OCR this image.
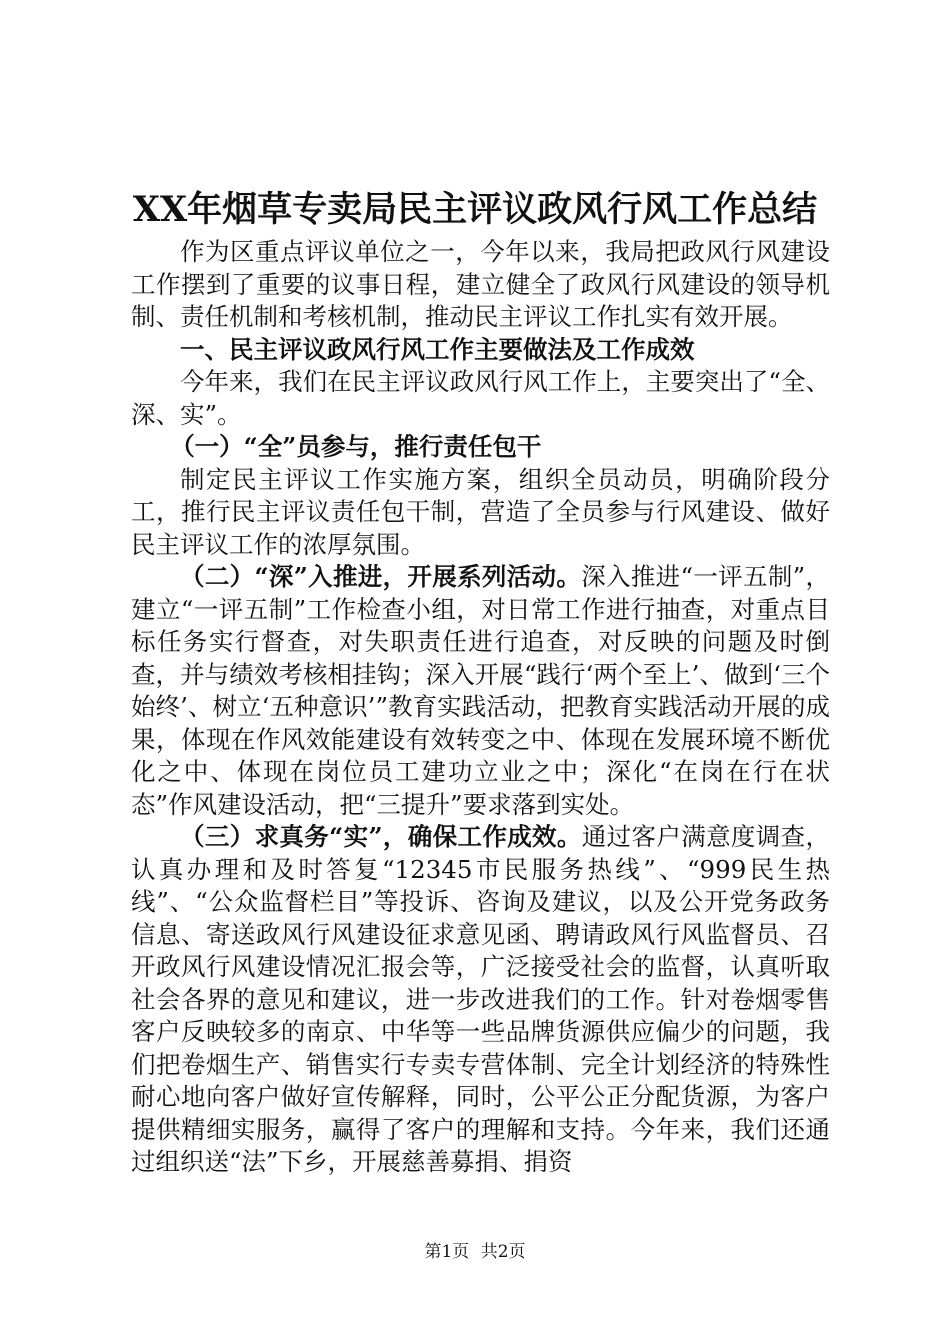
XX年烟草专卖局民主评议政风行风工作总结

作为区重点评议单位之一，今年以来，我局把政风行风建设工作摆到了重要的议事日程，建立健全了政风行风建设的领导机制、责任机制和考核机制，推动民主评议工作扎实有效开展。

一、民主评议政风行风工作主要做法及工作成效

今年来，我们在民主评议政风行风工作上，主要突出了“全、深、实”。

（一）“全”员参与，推行责任包干

制定民主评议工作实施方案，组织全员动员，明确阶段分工，推行民主评议责任包干制，营造了全员参与行风建设、做好民主评议工作的浓厚氛围。

（二）“深”入推进，开展系列活动。深入推进“一评五制”，建立“一评五制”工作检查小组，对日常工作进行抽查，对重点目标任务实行督查，对失职责任进行追查，对反映的问题及时倒查，并与绩效考核相挂钩；深入开展“践行‘两个至上’、做到‘三个始终’、树立‘五种意识’”教育实践活动，把教育实践活动开展的成果，体现在作风效能建设有效转变之中、体现在发展环境不断优化之中、体现在岗位员工建功立业之中；深化“在岗在行在状态”作风建设活动，把“三提升”要求落到实处。

（三）求真务“实”，确保工作成效。通过客户满意度调查，认真办理和及时答复“12345市民服务热线”、“999民生热线”、“公众监督栏目”等投诉、咨询及建议，以及公开党务政务信息、寄送政风行风建设征求意见函、聘请政风行风监督员、召开政风行风建设情况汇报会等，广泛接受社会的监督，认真听取社会各界的意见和建议，进一步改进我们的工作。针对卷烟零售客户反映较多的南京、中华等一些品牌货源供应偏少的问题，我们把卷烟生产、销售实行专卖专营体制、完全计划经济的特殊性耐心地向客户做好宣传解释，同时，公平公正分配货源，为客户提供精细实服务，赢得了客户的理解和支持。今年来，我们还通过组织送“法”下乡，开展慈善募捐、捐资

第1页 共2页
